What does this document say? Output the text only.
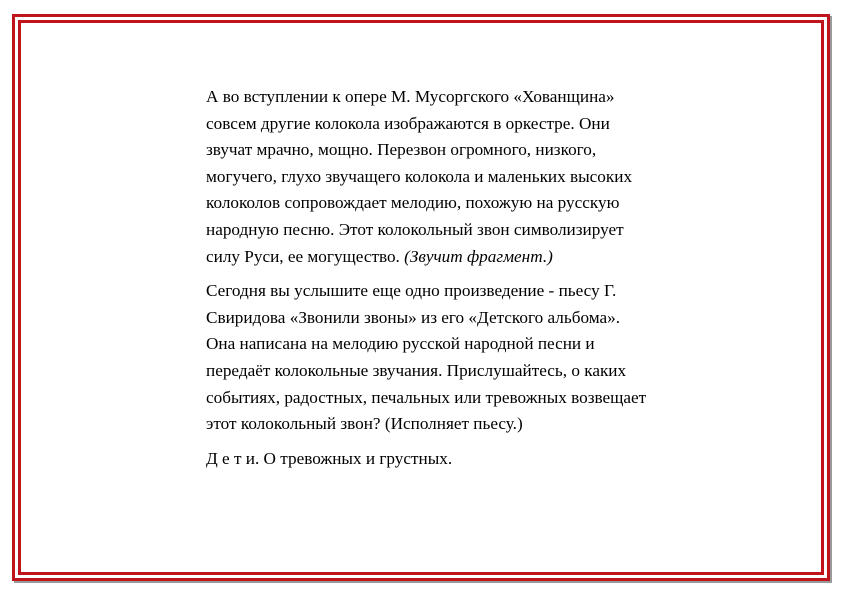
А во вступлении к опере М. Мусоргского «Хованщина»
совсем другие колокола изображаются в оркестре. Они
звучат мрачно, мощно. Перезвон огромного, низкого,
могучего, глухо звучащего колокола и маленьких высоких
колоколов сопровождает мелодию, похожую на русскую
народную песню. Этот колокольный звон символизирует
силу Руси, ее могущество. (Звучит фрагмент.)

Сегодня вы услышите еще одно произведение - пьесу Г.
Свиридова «Звонили звоны» из его «Детского альбома».
Она написана на мелодию русской народной песни и
передаёт колокольные звучания. Прислушайтесь, о каких
событиях, радостных, печальных или тревожных возвещает
этот колокольный звон? (Исполняет пьесу.)

Д е т и. О тревожных и грустных.
